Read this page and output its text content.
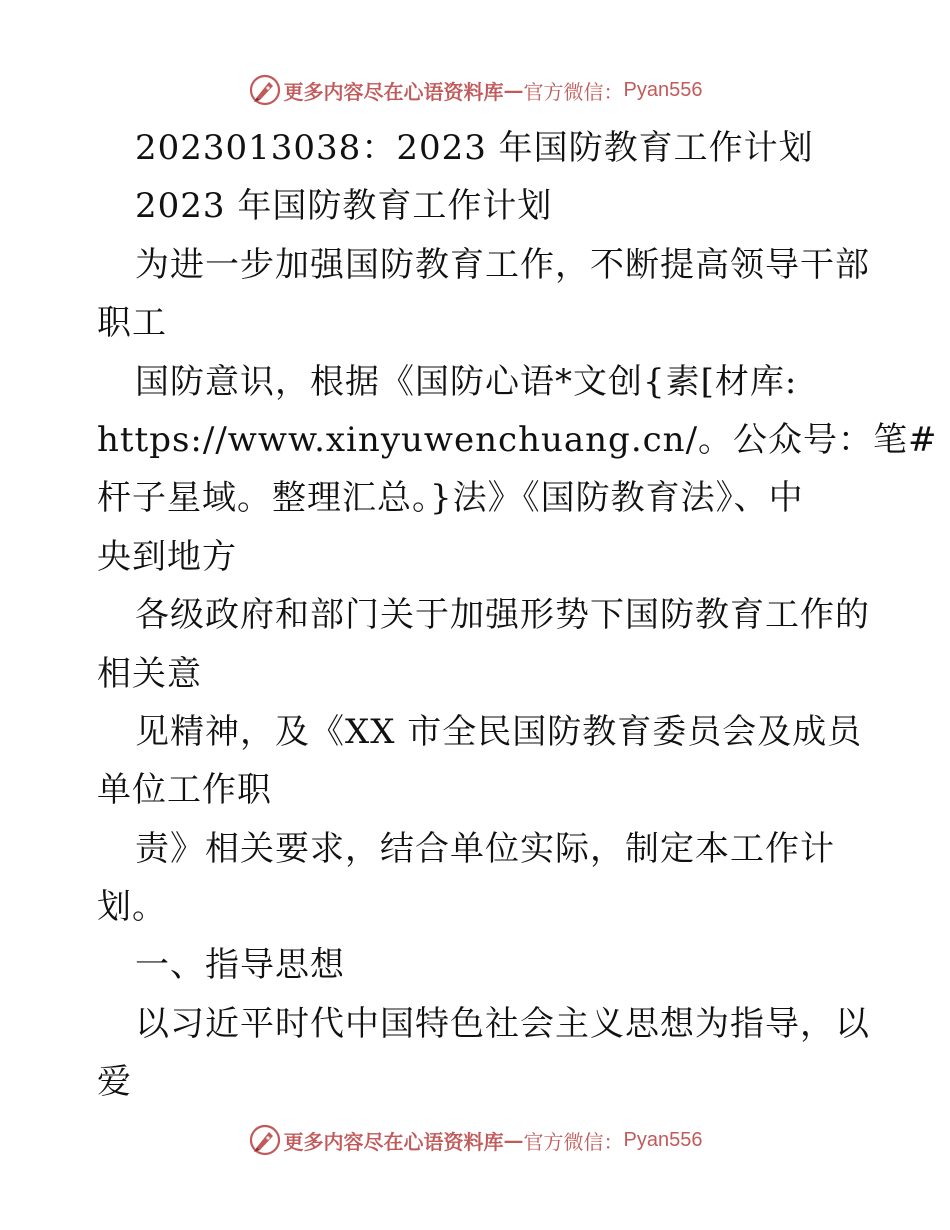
更多内容尽在心语资料库 — 官方微信： Pyan556
2023013038：2023 年国防教育工作计划
2023 年国防教育工作计划
为进一步加强国防教育工作，不断提高领导干部
职工
国防意识，根据《国防心语*文创{素[材库:
https://www.xinyuwenchuang.cn/。公众号：笔#
杆子星域。整理汇总。}法》《国防教育法》、中
央到地方
各级政府和部门关于加强形势下国防教育工作的
相关意
见精神，及《XX 市全民国防教育委员会及成员
单位工作职
责》相关要求，结合单位实际，制定本工作计
划。
一、指导思想
以习近平时代中国特色社会主义思想为指导，以
爱
更多内容尽在心语资料库 — 官方微信： Pyan556
